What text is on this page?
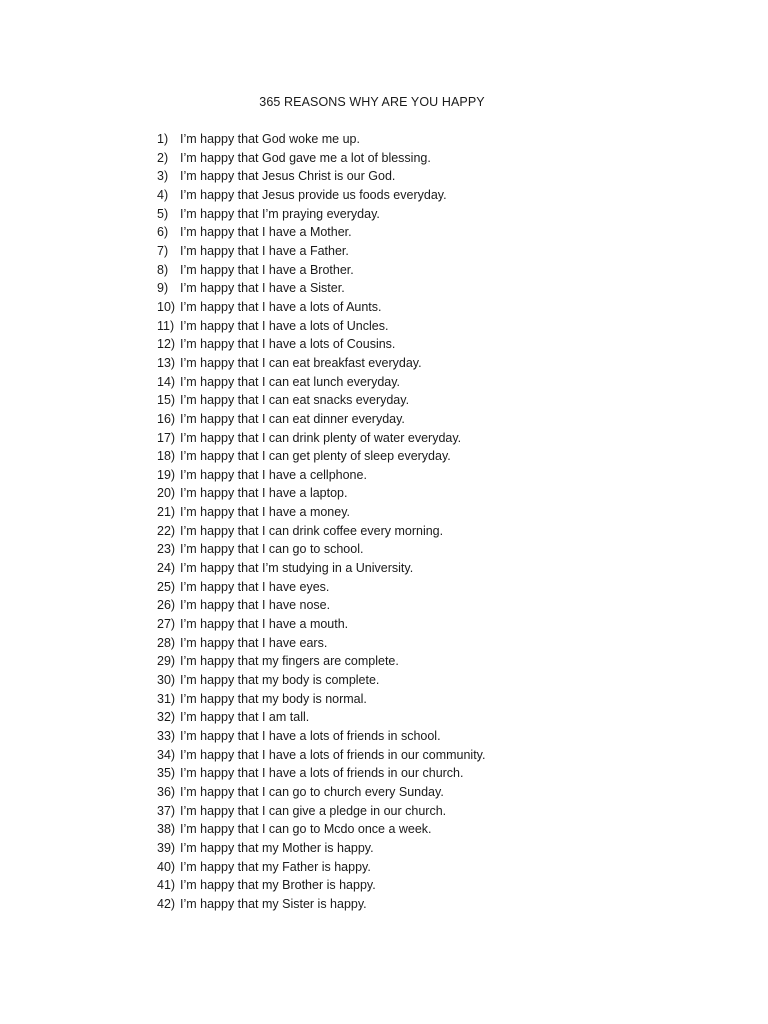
365 REASONS WHY ARE YOU HAPPY
1) I’m happy that God woke me up.
2) I’m happy that God gave me a lot of blessing.
3) I’m happy that Jesus Christ is our God.
4) I’m happy that Jesus provide us foods everyday.
5) I’m happy that I’m praying everyday.
6) I’m happy that I have a Mother.
7) I’m happy that I have a Father.
8) I’m happy that I have a Brother.
9) I’m happy that I have a Sister.
10) I’m happy that I have a lots of Aunts.
11) I’m happy that I have a lots of Uncles.
12) I’m happy that I have a lots of Cousins.
13) I’m happy that I can eat breakfast everyday.
14) I’m happy that I can eat lunch everyday.
15) I’m happy that I can eat snacks everyday.
16) I’m happy that I can eat dinner everyday.
17) I’m happy that I can drink plenty of water everyday.
18) I’m happy that I can get plenty of sleep everyday.
19) I’m happy that I have a cellphone.
20) I’m happy that I have a laptop.
21) I’m happy that I have a money.
22) I’m happy that I can drink coffee every morning.
23) I’m happy that I can go to school.
24) I’m happy that I’m studying in a University.
25) I’m happy that I have eyes.
26) I’m happy that I have nose.
27) I’m happy that I have a mouth.
28) I’m happy that I have ears.
29) I’m happy that my fingers are complete.
30) I’m happy that my body is complete.
31) I’m happy that my body is normal.
32) I’m happy that I am tall.
33) I’m happy that I have a lots of friends in school.
34) I’m happy that I have a lots of friends in our community.
35) I’m happy that I have a lots of friends in our church.
36) I’m happy that I can go to church every Sunday.
37) I’m happy that I can give a pledge in our church.
38) I’m happy that I can go to Mcdo once a week.
39) I’m happy that my Mother is happy.
40) I’m happy that my Father is happy.
41) I’m happy that my Brother is happy.
42) I’m happy that my Sister is happy.
